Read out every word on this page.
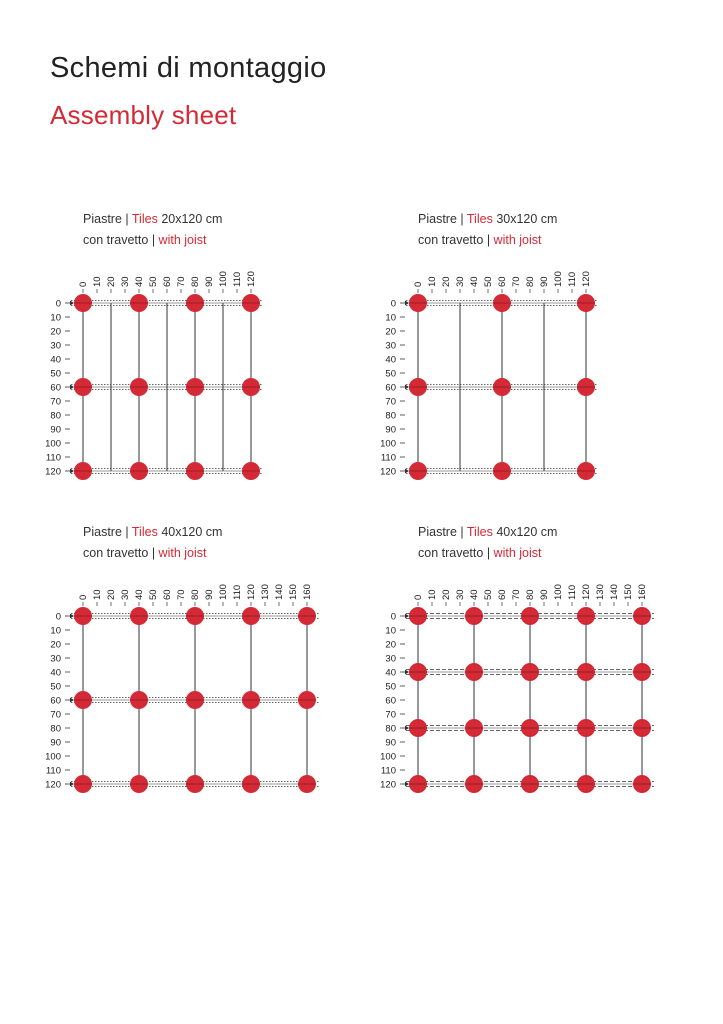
Schemi di montaggio
Assembly sheet
Piastre | Tiles 20x120 cm
con travetto | with joist
0 10 20 30 40 50 60 70 80 90 100 110 120
0
10
20
30
40
50
60
70
80
90
100
110
120
Piastre | Tiles 30x120 cm
con travetto | with joist
0 10 20 30 40 50 60 70 80 90 100 110 120
0
10
20
30
40
50
60
70
80
90
100
110
120
Piastre | Tiles 40x120 cm
con travetto | with joist
0 10 20 30 40 50 60 70 80 90 100 110 120 130 140 150 160
0
10
20
30
40
50
60
70
80
90
100
110
120
Piastre | Tiles 40x120 cm
con travetto | with joist
0 10 20 30 40 50 60 70 80 90 100 110 120 130 140 150 160
0
10
20
30
40
50
60
70
80
90
100
110
120
